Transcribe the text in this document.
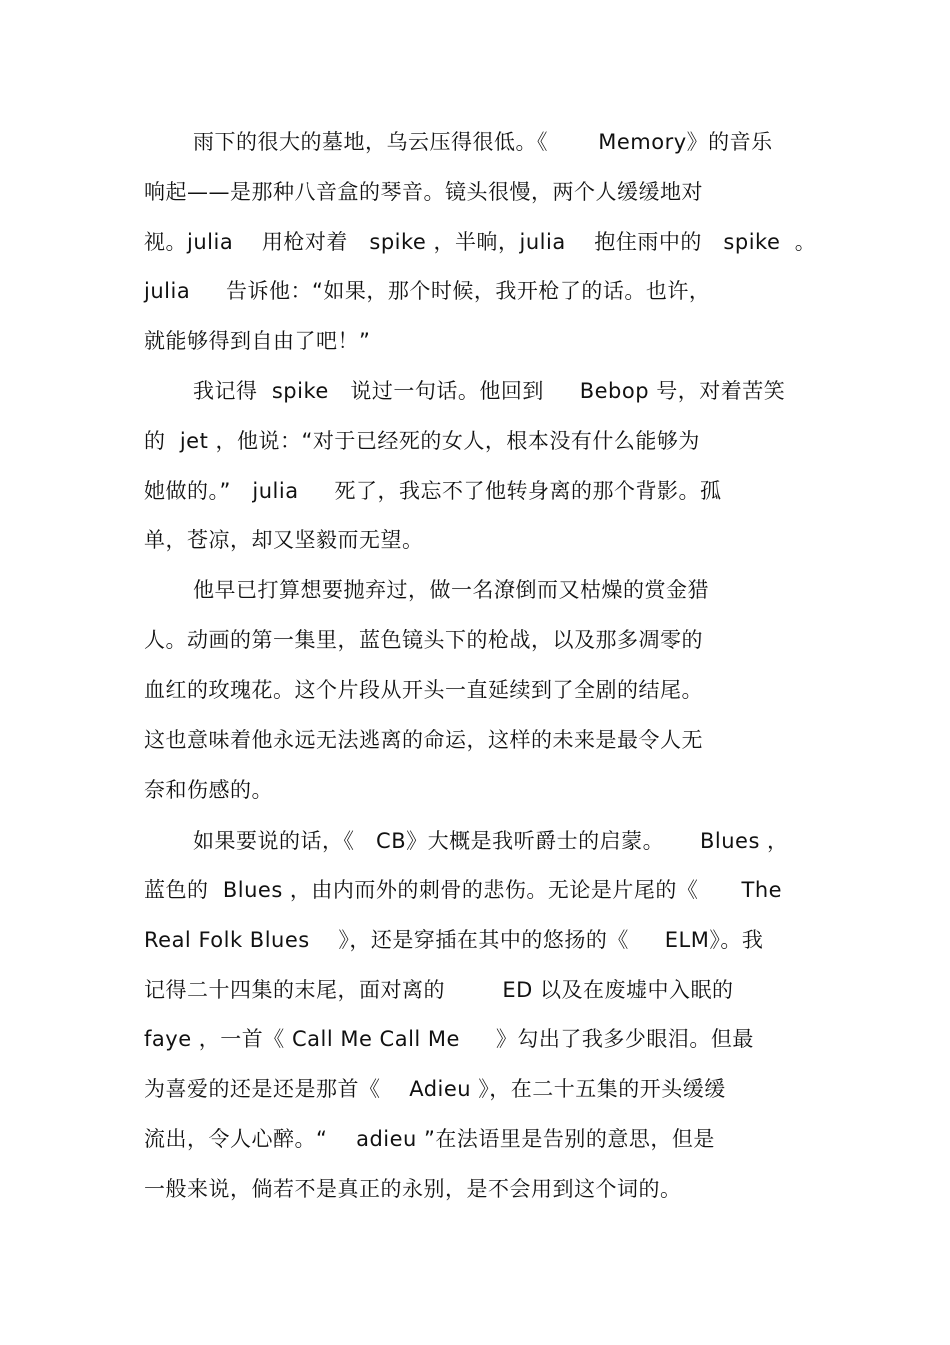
雨下的很大的墓地，乌云压得很低。《       Memory》的音乐
响起——是那种八音盒的琴音。镜头很慢，两个人缓缓地对
视。julia    用枪对着   spike ，半晌，julia    抱住雨中的   spike  。
julia     告诉他：“如果，那个时候，我开枪了的话。也许，
就能够得到自由了吧！”
我记得  spike   说过一句话。他回到     Bebop 号，对着苦笑
的  jet ，他说：“对于已经死的女人，根本没有什么能够为
她做的。”   julia     死了，我忘不了他转身离的那个背影。孤
单，苍凉，却又坚毅而无望。
他早已打算想要抛弃过，做一名潦倒而又枯燥的赏金猎
人。动画的第一集里，蓝色镜头下的枪战，以及那多凋零的
血红的玫瑰花。这个片段从开头一直延续到了全剧的结尾。
这也意味着他永远无法逃离的命运，这样的未来是最令人无
奈和伤感的。
如果要说的话，《   CB》大概是我听爵士的启蒙。     Blues ，
蓝色的  Blues ，由内而外的刺骨的悲伤。无论是片尾的《      The
Real Folk Blues    》，还是穿插在其中的悠扬的《     ELM》。我
记得二十四集的末尾，面对离的        ED 以及在废墟中入眠的
faye ，一首《 Call Me Call Me     》勾出了我多少眼泪。但最
为喜爱的还是还是那首《    Adieu 》，在二十五集的开头缓缓
流出，令人心醉。“    adieu ”在法语里是告别的意思，但是
一般来说，倘若不是真正的永别，是不会用到这个词的。
